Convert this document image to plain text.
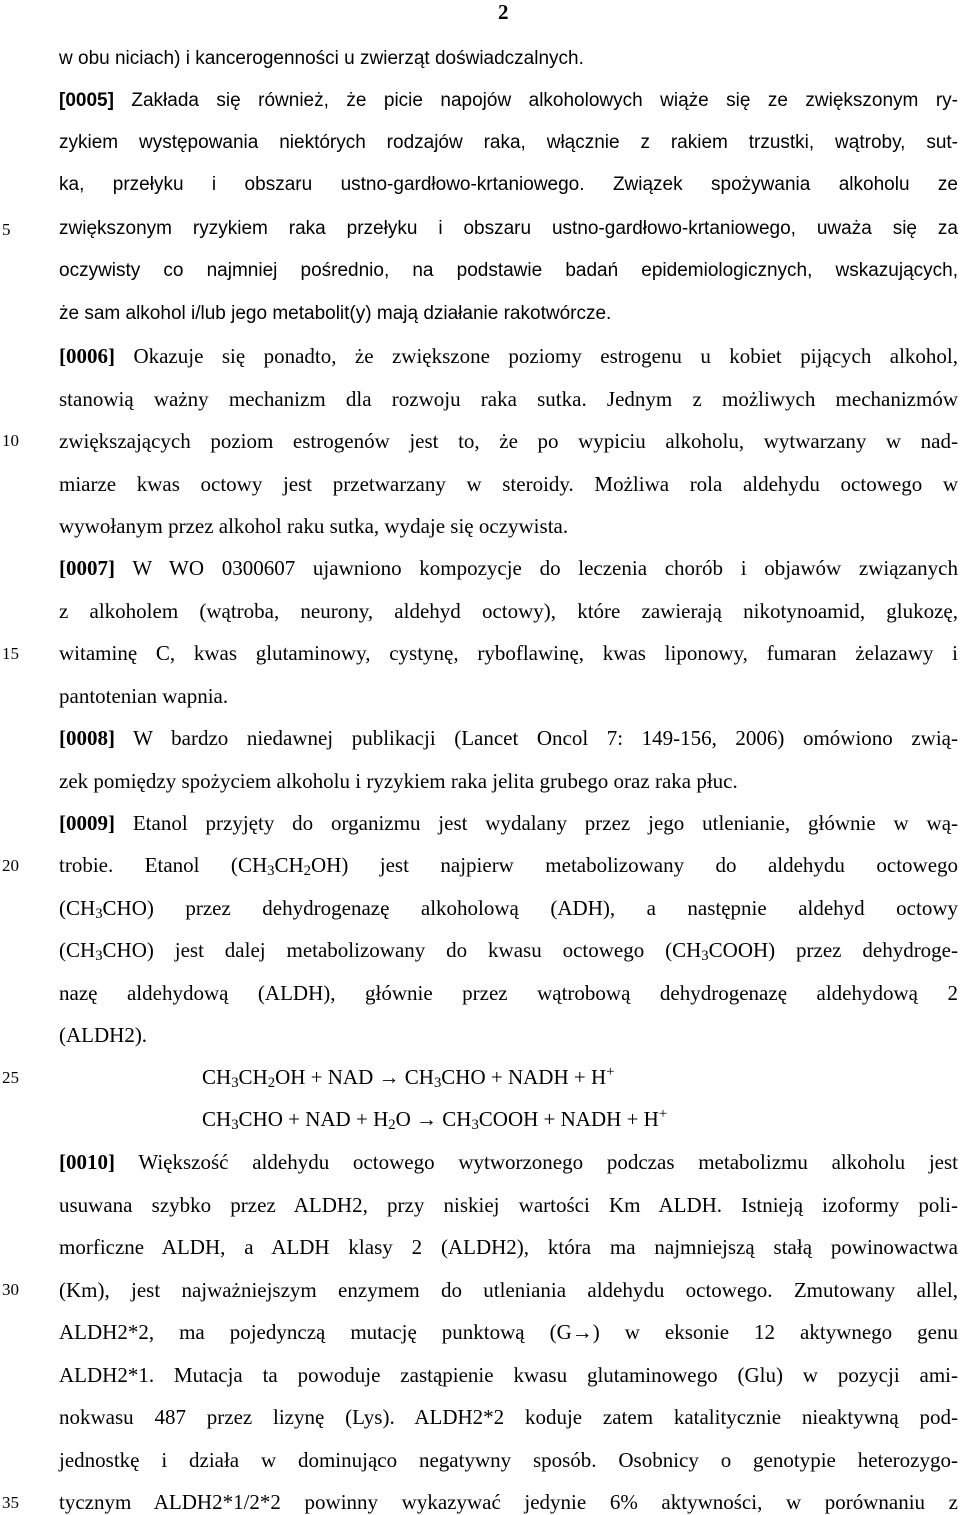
2
5
10
15
20
25
30
35
w obu niciach) i kancerogenności u zwierząt doświadczalnych.
[0005] Zakłada się również, że picie napojów alkoholowych wiąże się ze zwiększonym ry-
zykiem występowania niektórych rodzajów raka, włącznie z rakiem trzustki, wątroby, sut-
ka, przełyku i obszaru ustno-gardłowo-krtaniowego. Związek spożywania alkoholu ze
zwiększonym ryzykiem raka przełyku i obszaru ustno-gardłowo-krtaniowego, uważa się za
oczywisty co najmniej pośrednio, na podstawie badań epidemiologicznych, wskazujących,
że sam alkohol i/lub jego metabolit(y) mają działanie rakotwórcze.
[0006] Okazuje się ponadto, że zwiększone poziomy estrogenu u kobiet pijących alkohol,
stanowią ważny mechanizm dla rozwoju raka sutka. Jednym z możliwych mechanizmów
zwiększających poziom estrogenów jest to, że po wypiciu alkoholu, wytwarzany w nad-
miarze kwas octowy jest przetwarzany w steroidy. Możliwa rola aldehydu octowego w
wywołanym przez alkohol raku sutka, wydaje się oczywista.
[0007] W WO 0300607 ujawniono kompozycje do leczenia chorób i objawów związanych
z alkoholem (wątroba, neurony, aldehyd octowy), które zawierają nikotynoamid, glukozę,
witaminę C, kwas glutaminowy, cystynę, ryboflawinę, kwas liponowy, fumaran żelazawy i
pantotenian wapnia.
[0008] W bardzo niedawnej publikacji (Lancet Oncol 7: 149-156, 2006) omówiono zwią-
zek pomiędzy spożyciem alkoholu i ryzykiem raka jelita grubego oraz raka płuc.
[0009] Etanol przyjęty do organizmu jest wydalany przez jego utlenianie, głównie w wą-
trobie. Etanol $(CH_3CH_2OH)$ jest najpierw metabolizowany do aldehydu octowego
$(CH_3CHO)$ przez dehydrogenazę alkoholową (ADH), a następnie aldehyd octowy
$(CH_3CHO)$ jest dalej metabolizowany do kwasu octowego $(CH_3COOH)$ przez dehydroge-
nazę aldehydową (ALDH), głównie przez wątrobową dehydrogenazę aldehydową 2
(ALDH2).
$CH_3CH_2OH$ + NAD → $CH_3CHO$ + NADH + H+
$CH_3CHO$ + NAD + $H_2O$ → $CH_3COOH$ + NADH + H+
[0010] Większość aldehydu octowego wytworzonego podczas metabolizmu alkoholu jest
usuwana szybko przez ALDH2, przy niskiej wartości Km ALDH. Istnieją izoformy poli-
morficzne ALDH, a ALDH klasy 2 (ALDH2), która ma najmniejszą stałą powinowactwa
(Km), jest najważniejszym enzymem do utleniania aldehydu octowego. Zmutowany allel,
ALDH2*2, ma pojedynczą mutację punktową (G→) w eksonie 12 aktywnego genu
ALDH2*1. Mutacja ta powoduje zastąpienie kwasu glutaminowego (Glu) w pozycji ami-
nokwasu 487 przez lizynę (Lys). ALDH2*2 koduje zatem katalitycznie nieaktywną pod-
jednostkę i działa w dominująco negatywny sposób. Osobnicy o genotypie heterozygo-
tycznym ALDH2*1/2*2 powinny wykazywać jedynie 6% aktywności, w porównaniu z
